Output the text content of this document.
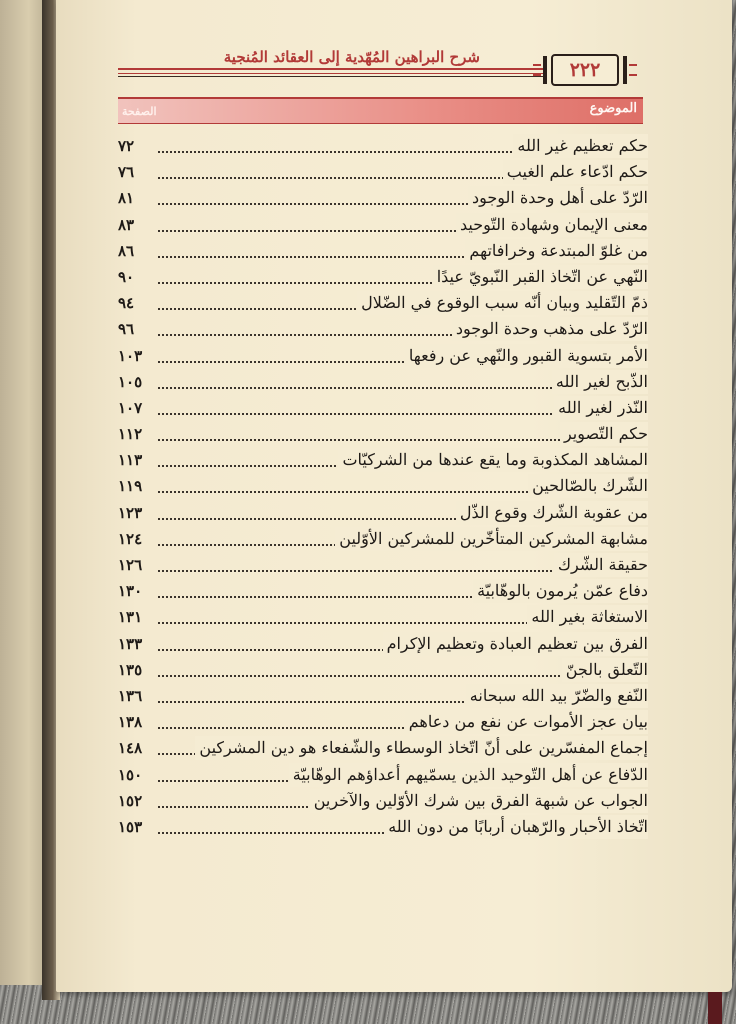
شرح البراهين المُهّدية إلى العقائد المُنجية
٢٢٢
الموضوع
الصفحة
حكم تعظيم غير الله
٧٢
حكم ادّعاء علم الغيب
٧٦
الرّدّ على أهل وحدة الوجود
٨١
معنى الإيمان وشهادة التّوحيد
٨٣
من غلوّ المبتدعة وخرافاتهم
٨٦
النّهي عن اتّخاذ القبر النّبويّ عيدًا
٩٠
ذمّ التّقليد وبيان أنّه سبب الوقوع في الضّلال
٩٤
الرّدّ على مذهب وحدة الوجود
٩٦
الأمر بتسوية القبور والنّهي عن رفعها
١٠٣
الذّبح لغير الله
١٠٥
النّذر لغير الله
١٠٧
حكم التّصوير
١١٢
المشاهد المكذوبة وما يقع عندها من الشركيّات
١١٣
الشّرك بالصّالحين
١١٩
من عقوبة الشّرك وقوع الذّل
١٢٣
مشابهة المشركين المتأخّرين للمشركين الأوّلين
١٢٤
حقيقة الشّرك
١٢٦
دفاع عمّن يُرمون بالوهّابيّة
١٣٠
الاستغاثة بغير الله
١٣١
الفرق بين تعظيم العبادة وتعظيم الإكرام
١٣٣
التّعلق بالجنّ
١٣٥
النّفع والضّرّ بيد الله سبحانه
١٣٦
بيان عجز الأموات عن نفع من دعاهم
١٣٨
إجماع المفسّرين على أنّ اتّخاذ الوسطاء والشّفعاء هو دين المشركين
١٤٨
الدّفاع عن أهل التّوحيد الذين يسمّيهم أعداؤهم الوهّابيّة
١٥٠
الجواب عن شبهة الفرق بين شرك الأوّلين والآخرين
١٥٢
اتّخاذ الأحبار والرّهبان أربابًا من دون الله
١٥٣
